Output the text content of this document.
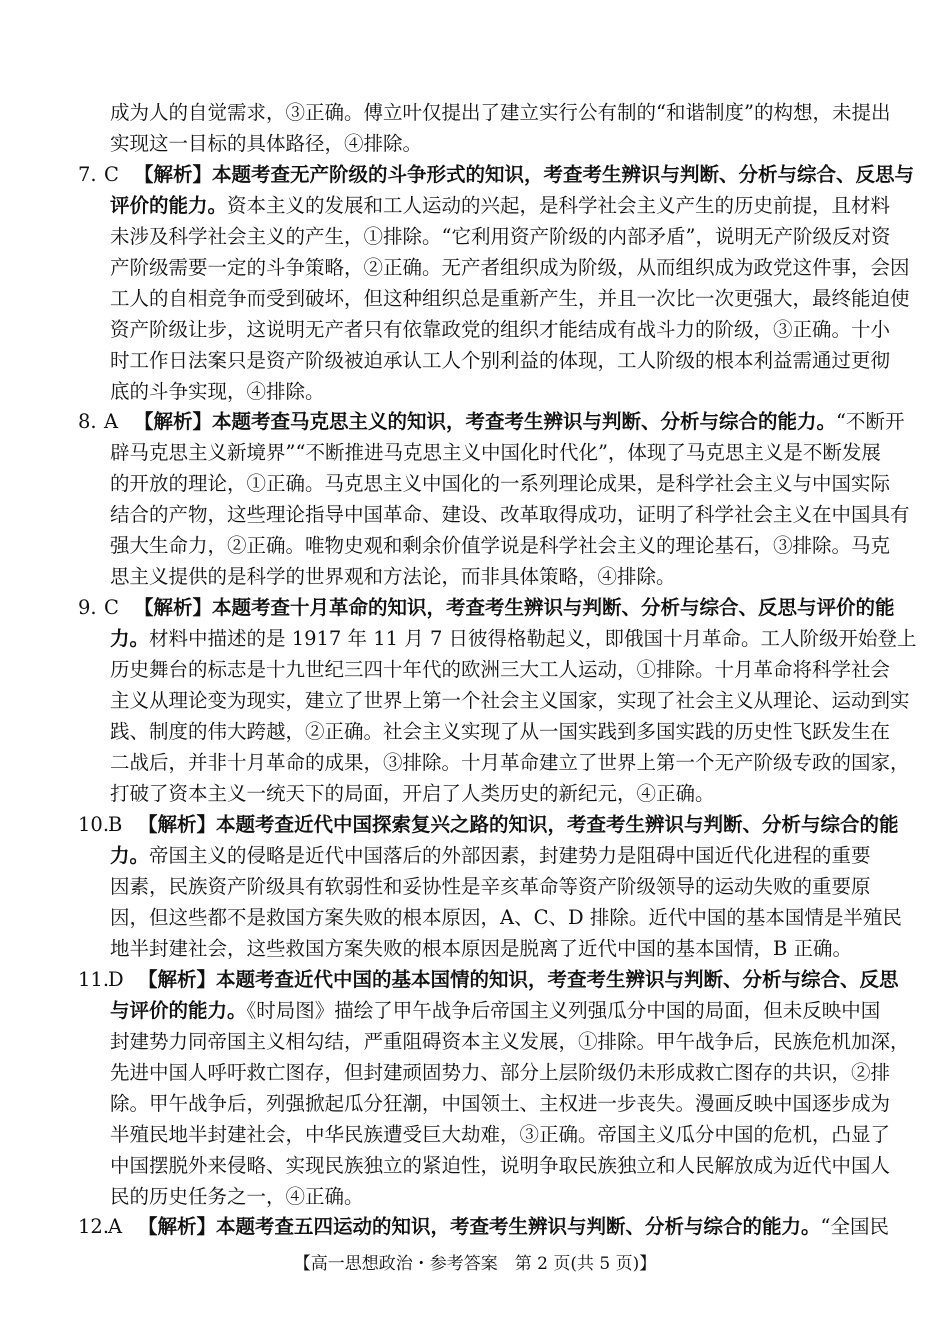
成为人的自觉需求，③正确。傅立叶仅提出了建立实行公有制的“和谐制度”的构想，未提出
实现这一目标的具体路径，④排除。
7. C 【解析】本题考查无产阶级的斗争形式的知识，考查考生辨识与判断、分析与综合、反思与
评价的能力。资本主义的发展和工人运动的兴起，是科学社会主义产生的历史前提，且材料
未涉及科学社会主义的产生，①排除。“它利用资产阶级的内部矛盾”，说明无产阶级反对资
产阶级需要一定的斗争策略，②正确。无产者组织成为阶级，从而组织成为政党这件事，会因
工人的自相竞争而受到破坏，但这种组织总是重新产生，并且一次比一次更强大，最终能迫使
资产阶级让步，这说明无产者只有依靠政党的组织才能结成有战斗力的阶级，③正确。十小
时工作日法案只是资产阶级被迫承认工人个别利益的体现，工人阶级的根本利益需通过更彻
底的斗争实现，④排除。
8. A 【解析】本题考查马克思主义的知识，考查考生辨识与判断、分析与综合的能力。“不断开
辟马克思主义新境界”“不断推进马克思主义中国化时代化”，体现了马克思主义是不断发展
的开放的理论，①正确。马克思主义中国化的一系列理论成果，是科学社会主义与中国实际
结合的产物，这些理论指导中国革命、建设、改革取得成功，证明了科学社会主义在中国具有
强大生命力，②正确。唯物史观和剩余价值学说是科学社会主义的理论基石，③排除。马克
思主义提供的是科学的世界观和方法论，而非具体策略，④排除。
9. C 【解析】本题考查十月革命的知识，考查考生辨识与判断、分析与综合、反思与评价的能
力。材料中描述的是 1917 年 11 月 7 日彼得格勒起义，即俄国十月革命。工人阶级开始登上
历史舞台的标志是十九世纪三四十年代的欧洲三大工人运动，①排除。十月革命将科学社会
主义从理论变为现实，建立了世界上第一个社会主义国家，实现了社会主义从理论、运动到实
践、制度的伟大跨越，②正确。社会主义实现了从一国实践到多国实践的历史性飞跃发生在
二战后，并非十月革命的成果，③排除。十月革命建立了世界上第一个无产阶级专政的国家，
打破了资本主义一统天下的局面，开启了人类历史的新纪元，④正确。
10.B 【解析】本题考查近代中国探索复兴之路的知识，考查考生辨识与判断、分析与综合的能
力。帝国主义的侵略是近代中国落后的外部因素，封建势力是阻碍中国近代化进程的重要
因素，民族资产阶级具有软弱性和妥协性是辛亥革命等资产阶级领导的运动失败的重要原
因，但这些都不是救国方案失败的根本原因，A、C、D 排除。近代中国的基本国情是半殖民
地半封建社会，这些救国方案失败的根本原因是脱离了近代中国的基本国情，B 正确。
11.D 【解析】本题考查近代中国的基本国情的知识，考查考生辨识与判断、分析与综合、反思
与评价的能力。《时局图》描绘了甲午战争后帝国主义列强瓜分中国的局面，但未反映中国
封建势力同帝国主义相勾结，严重阻碍资本主义发展，①排除。甲午战争后，民族危机加深，
先进中国人呼吁救亡图存，但封建顽固势力、部分上层阶级仍未形成救亡图存的共识，②排
除。甲午战争后，列强掀起瓜分狂潮，中国领土、主权进一步丧失。漫画反映中国逐步成为
半殖民地半封建社会，中华民族遭受巨大劫难，③正确。帝国主义瓜分中国的危机，凸显了
中国摆脱外来侵略、实现民族独立的紧迫性，说明争取民族独立和人民解放成为近代中国人
民的历史任务之一，④正确。
12.A 【解析】本题考查五四运动的知识，考查考生辨识与判断、分析与综合的能力。“全国民
【高一思想政治・参考答案　第 2 页(共 5 页)】
